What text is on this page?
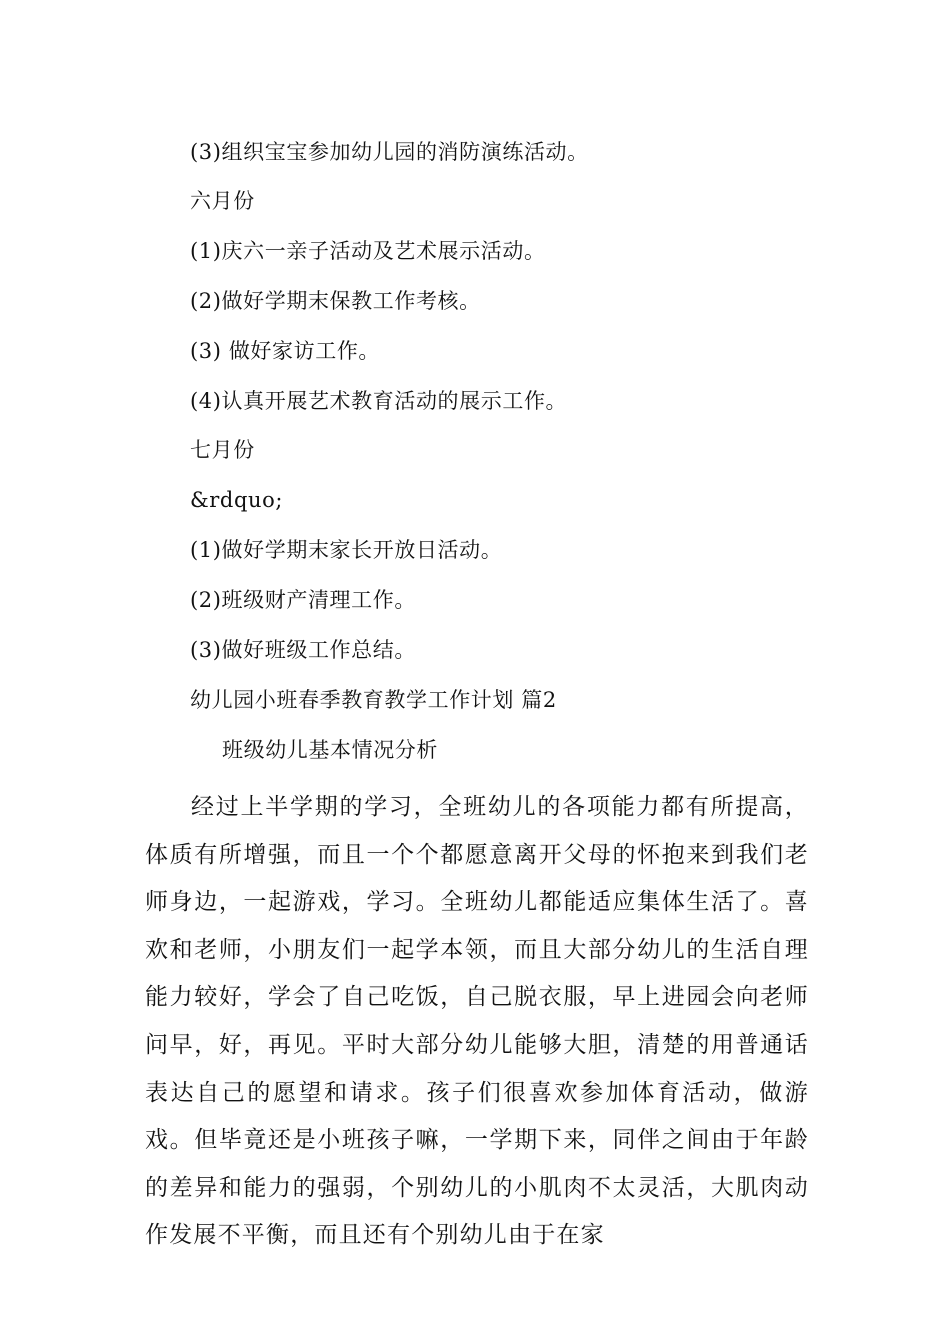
(3)组织宝宝参加幼儿园的消防演练活动。
六月份
(1)庆六一亲子活动及艺术展示活动。
(2)做好学期末保教工作考核。
(3) 做好家访工作。
(4)认真开展艺术教育活动的展示工作。
七月份
&rdquo;
(1)做好学期末家长开放日活动。
(2)班级财产清理工作。
(3)做好班级工作总结。
幼儿园小班春季教育教学工作计划 篇2
班级幼儿基本情况分析

经过上半学期的学习，全班幼儿的各项能力都有所提高，体质有所增强，而且一个个都愿意离开父母的怀抱来到我们老师身边，一起游戏，学习。全班幼儿都能适应集体生活了。喜欢和老师，小朋友们一起学本领，而且大部分幼儿的生活自理能力较好，学会了自己吃饭，自己脱衣服，早上进园会向老师问早，好，再见。平时大部分幼儿能够大胆，清楚的用普通话表达自己的愿望和请求。孩子们很喜欢参加体育活动，做游戏。但毕竟还是小班孩子嘛，一学期下来，同伴之间由于年龄的差异和能力的强弱，个别幼儿的小肌肉不太灵活，大肌肉动作发展不平衡，而且还有个别幼儿由于在家
